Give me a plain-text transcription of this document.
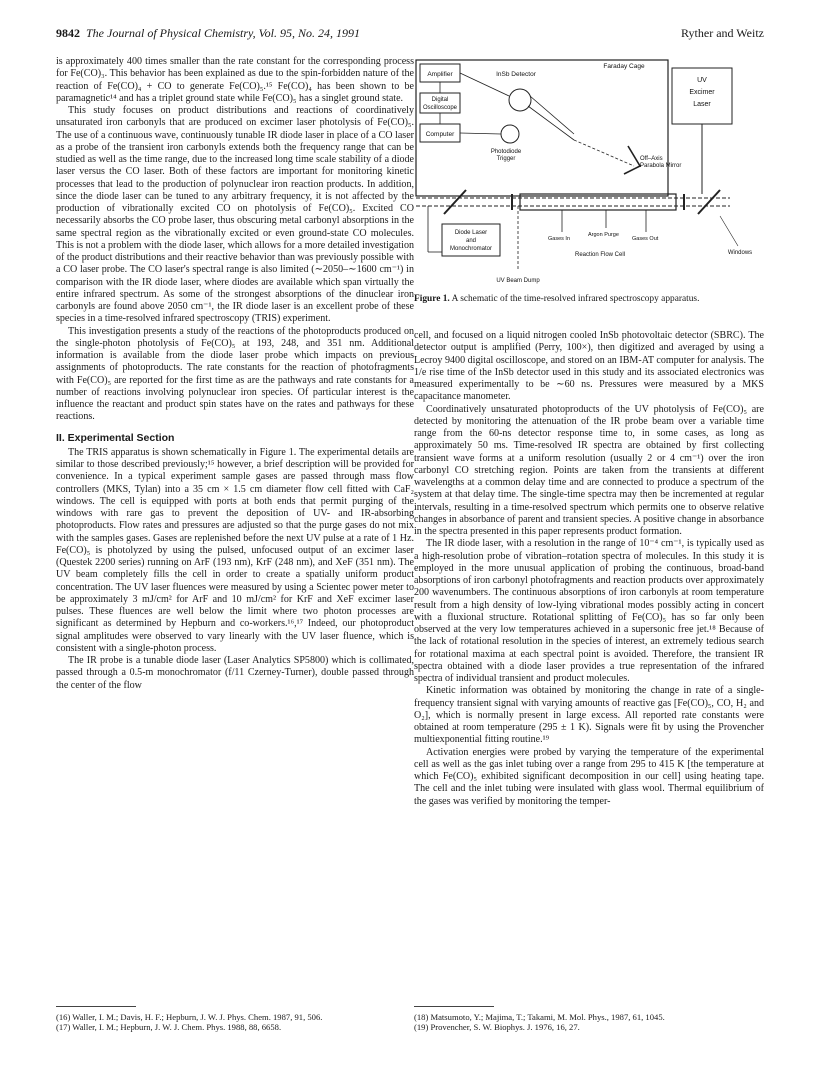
9842 The Journal of Physical Chemistry, Vol. 95, No. 24, 1991	Ryther and Weitz

is approximately 400 times smaller than the rate constant for the corresponding process for Fe(CO)₃. This behavior has been explained as due to the spin-forbidden nature of the reaction of Fe(CO)₄ + CO to generate Fe(CO)₅.¹⁵ Fe(CO)₄ has been shown to be paramagnetic¹⁴ and has a triplet ground state while Fe(CO)₅ has a singlet ground state.

This study focuses on product distributions and reactions of coordinatively unsaturated iron carbonyls that are produced on excimer laser photolysis of Fe(CO)₅. The use of a continuous wave, continuously tunable IR diode laser in place of a CO laser as a probe of the transient iron carbonyls extends both the frequency range that can be studied as well as the time range, due to the increased long time scale stability of a diode laser versus the CO laser. Both of these factors are important for monitoring kinetic processes that lead to the production of polynuclear iron reaction products. In addition, since the diode laser can be tuned to any arbitrary frequency, it is not affected by the production of vibrationally excited CO on photolysis of Fe(CO)₅. Excited CO necessarily absorbs the CO probe laser, thus obscuring metal carbonyl absorptions in the same spectral region as the vibrationally excited or even ground-state CO molecules. This is not a problem with the diode laser, which allows for a more detailed investigation of the product distributions and their reactive behavior than was previously possible with a CO laser probe. The CO laser's spectral range is also limited (∼2050–∼1600 cm⁻¹) in comparison with the IR diode laser, where diodes are available which span virtually the entire infrared spectrum. As some of the strongest absorptions of the dinuclear iron carbonyls are found above 2050 cm⁻¹, the IR diode laser is an excellent probe of these species in a time-resolved infrared spectroscopy (TRIS) experiment.

This investigation presents a study of the reactions of the photoproducts produced on the single-photon photolysis of Fe(CO)₅ at 193, 248, and 351 nm. Additional information is available from the diode laser probe which impacts on previous assignments of photoproducts. The rate constants for the reaction of photofragments with Fe(CO)₅ are reported for the first time as are the pathways and rate constants for a number of reactions involving polynuclear iron species. Of particular interest is the influence the reactant and product spin states have on the rates and pathways for these reactions.

II. Experimental Section

The TRIS apparatus is shown schematically in Figure 1. The experimental details are similar to those described previously;¹⁵ however, a brief description will be provided for convenience. In a typical experiment sample gases are passed through mass flow controllers (MKS, Tylan) into a 35 cm × 1.5 cm diameter flow cell fitted with CaF₂ windows. The cell is equipped with ports at both ends that permit purging of the windows with rare gas to prevent the deposition of UV- and IR-absorbing photoproducts. Flow rates and pressures are adjusted so that the purge gases do not mix with the samples gases. Gases are replenished before the next UV pulse at a rate of 1 Hz. Fe(CO)₅ is photolyzed by using the pulsed, unfocused output of an excimer laser (Questek 2200 series) running on ArF (193 nm), KrF (248 nm), and XeF (351 nm). The UV beam completely fills the cell in order to create a spatially uniform product concentration. The UV laser fluences were measured by using a Scientec power meter to be approximately 3 mJ/cm² for ArF and 10 mJ/cm² for KrF and XeF excimer laser pulses. These fluences are well below the limit where two photon processes are significant as determined by Hepburn and co-workers.¹⁶,¹⁷ Indeed, our photoproduct signal amplitudes were observed to vary linearly with the UV laser fluence, which is consistent with a single-photon process.

The IR probe is a tunable diode laser (Laser Analytics SP5800) which is collimated, passed through a 0.5-m monochromator (f/11 Czerney-Turner), double passed through the center of the flow

Amplifier	InSb Detector
Faraday Cage
Digital
Oscilloscope
Computer
Photodiode
Trigger
UV
Excimer
Laser
Off–Axis
Parabola Mirror
Diode Laser
and
Monochromator
Gases In
Argon Purge
Gases Out
Reaction Flow Cell	Windows
UV Beam Dump
Figure 1. A schematic of the time-resolved infrared spectroscopy apparatus.

cell, and focused on a liquid nitrogen cooled InSb photovoltaic detector (SBRC). The detector output is amplified (Perry, 100×), then digitized and averaged by using a Lecroy 9400 digital oscilloscope, and stored on an IBM-AT computer for analysis. The 1/e rise time of the InSb detector used in this study and its associated electronics was measured experimentally to be ∼60 ns. Pressures were measured by a MKS capacitance manometer.

Coordinatively unsaturated photoproducts of the UV photolysis of Fe(CO)₅ are detected by monitoring the attenuation of the IR probe beam over a variable time range from the 60-ns detector response time to, in some cases, as long as approximately 50 ms. Time-resolved IR spectra are obtained by first collecting transient wave forms at a uniform resolution (usually 2 or 4 cm⁻¹) over the iron carbonyl CO stretching region. Points are taken from the transients at different wavelengths at a common delay time and are connected to produce a spectrum of the system at that delay time. The single-time spectra may then be incremented at regular intervals, resulting in a time-resolved spectrum which permits one to observe relative changes in absorbance of parent and transient species. A positive change in absorbance in the spectra presented in this paper represents product formation.

The IR diode laser, with a resolution in the range of 10⁻⁴ cm⁻¹, is typically used as a high-resolution probe of vibration–rotation spectra of molecules. In this study it is employed in the more unusual application of probing the continuous, broad-band absorptions of iron carbonyl photofragments and reaction products over approximately 200 wavenumbers. The continuous absorptions of iron carbonyls at room temperature result from a high density of low-lying vibrational modes possibly acting in concert with a fluxional structure. Rotational splitting of Fe(CO)₅ has so far only been observed at the very low temperatures achieved in a supersonic free jet.¹⁸ Because of the lack of rotational resolution in the species of interest, an extremely tedious search for rotational maxima at each spectral point is avoided. Therefore, the transient IR spectra obtained with a diode laser provides a true representation of the infrared spectra of individual transient and product molecules.

Kinetic information was obtained by monitoring the change in rate of a single-frequency transient signal with varying amounts of reactive gas [Fe(CO)₅, CO, H₂ and O₂], which is normally present in large excess. All reported rate constants were obtained at room temperature (295 ± 1 K). Signals were fit by using the Provencher multiexponential fitting routine.¹⁹

Activation energies were probed by varying the temperature of the experimental cell as well as the gas inlet tubing over a range from 295 to 415 K [the temperature at which Fe(CO)₅ exhibited significant decomposition in our cell] using heating tape. The cell and the inlet tubing were insulated with glass wool. Thermal equilibrium of the gases was verified by monitoring the temper-

(16) Waller, I. M.; Davis, H. F.; Hepburn, J. W. J. Phys. Chem. 1987, 91, 506.
(17) Waller, I. M.; Hepburn, J. W. J. Chem. Phys. 1988, 88, 6658.
(18) Matsumoto, Y.; Majima, T.; Takami, M. Mol. Phys., 1987, 61, 1045.
(19) Provencher, S. W. Biophys. J. 1976, 16, 27.
